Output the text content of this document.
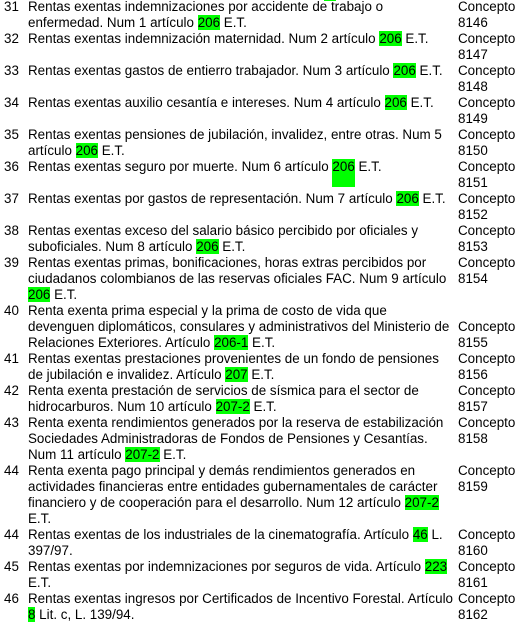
31 Rentas exentas indemnizaciones por accidente de trabajo o enfermedad. Num 1 artículo 206 E.T.
Concepto
8146
32 Rentas exentas indemnización maternidad. Num 2 artículo 206 E.T.	Concepto
8147
33 Rentas exentas gastos de entierro trabajador. Num 3 artículo 206 E.T.	Concepto
8148
34 Rentas exentas auxilio cesantía e intereses. Num 4 artículo 206 E.T.	Concepto
8149
35 Rentas exentas pensiones de jubilación, invalidez, entre otras. Num 5 artículo 206 E.T.
Concepto
8150
36 Rentas exentas seguro por muerte. Num 6 artículo 206 E.T.	Concepto
8151
37 Rentas exentas por gastos de representación. Num 7 artículo 206 E.T. Concepto
8152
38 Rentas exentas exceso del salario básico percibido por oficiales y suboficiales. Num 8 artículo 206 E.T.
Concepto
8153
39 Rentas exentas primas, bonificaciones, horas extras percibidos por ciudadanos colombianos de las reservas oficiales FAC. Num 9 artículo 206 E.T.
Concepto
8154
40 Renta exenta prima especial y la prima de costo de vida que devenguen diplomáticos, consulares y administrativos del Ministerio de Relaciones Exteriores. Artículo 206-1 E.T.

Concepto
8155
41 Rentas exentas prestaciones provenientes de un fondo de pensiones de jubilación e invalidez. Artículo 207 E.T.
Concepto
8156
42 Renta exenta prestación de servicios de sísmica para el sector de hidrocarburos. Num 10 artículo 207-2 E.T.
Concepto
8157
43 Renta exenta rendimientos generados por la reserva de estabilización Sociedades Administradoras de Fondos de Pensiones y Cesantías. Num 11 artículo 207-2 E.T.
Concepto
8158
44 Renta exenta pago principal y demás rendimientos generados en actividades financieras entre entidades gubernamentales de carácter financiero y de cooperación para el desarrollo. Num 12 artículo 207-2 E.T.
Concepto
8159
44 Rentas exentas de los industriales de la cinematografía. Artículo 46 L. 397/97.
Concepto
8160
45 Rentas exentas por indemnizaciones por seguros de vida. Artículo 223 E.T.
Concepto
8161
46 Rentas exentas ingresos por Certificados de Incentivo Forestal. Artículo 8 Lit. c, L. 139/94.
Concepto
8162
